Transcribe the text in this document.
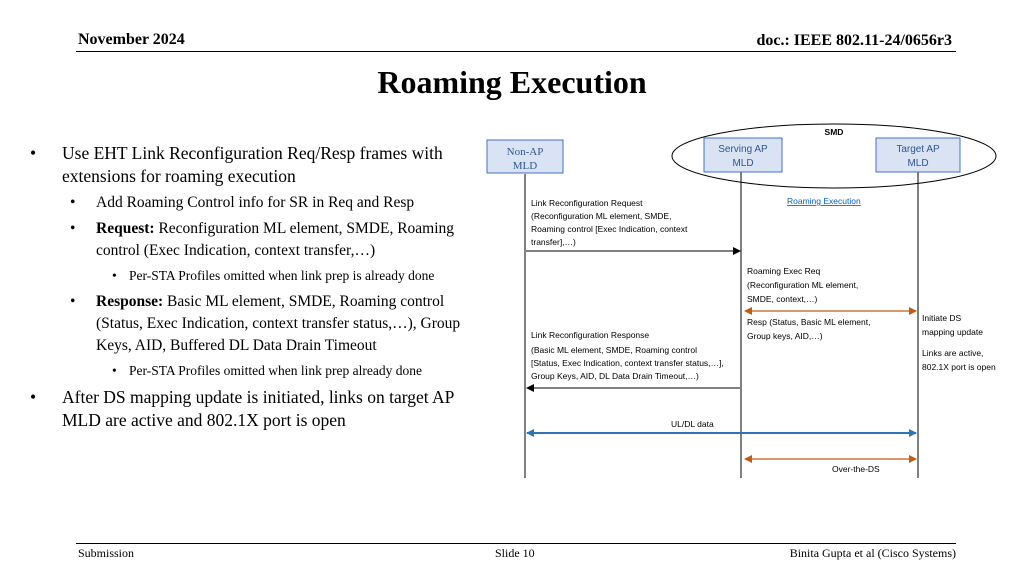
November 2024	doc.: IEEE 802.11-24/0656r3
Roaming Execution
• Use EHT Link Reconfiguration Req/Resp frames with extensions for roaming execution
• Add Roaming Control info for SR in Req and Resp
• Request: Reconfiguration ML element, SMDE, Roaming control (Exec Indication, context transfer,…)
• Per-STA Profiles omitted when link prep is already done
• Response: Basic ML element, SMDE, Roaming control (Status, Exec Indication, context transfer status,…), Group Keys, AID, Buffered DL Data Drain Timeout
• Per-STA Profiles omitted when link prep already done
• After DS mapping update is initiated, links on target AP MLD are active and 802.1X port is open
SMD
Non-AP
MLD
Serving AP
MLD
Target AP
MLD
Roaming Execution
Link Reconfiguration Request
(Reconfiguration ML element, SMDE,
Roaming control [Exec Indication, context
transfer],…)
Roaming Exec Req
(Reconfiguration ML element,
SMDE, context,…)
Resp (Status, Basic ML element,
Group keys, AID,…)
Initiate DS
mapping update
Links are active,
802.1X port is open
Link Reconfiguration Response
(Basic ML element, SMDE, Roaming control
[Status, Exec Indication, context transfer status,…],
Group Keys, AID, DL Data Drain Timeout,…)
UL/DL data
Over-the-DS
Submission	Slide 10	Binita Gupta et al (Cisco Systems)
